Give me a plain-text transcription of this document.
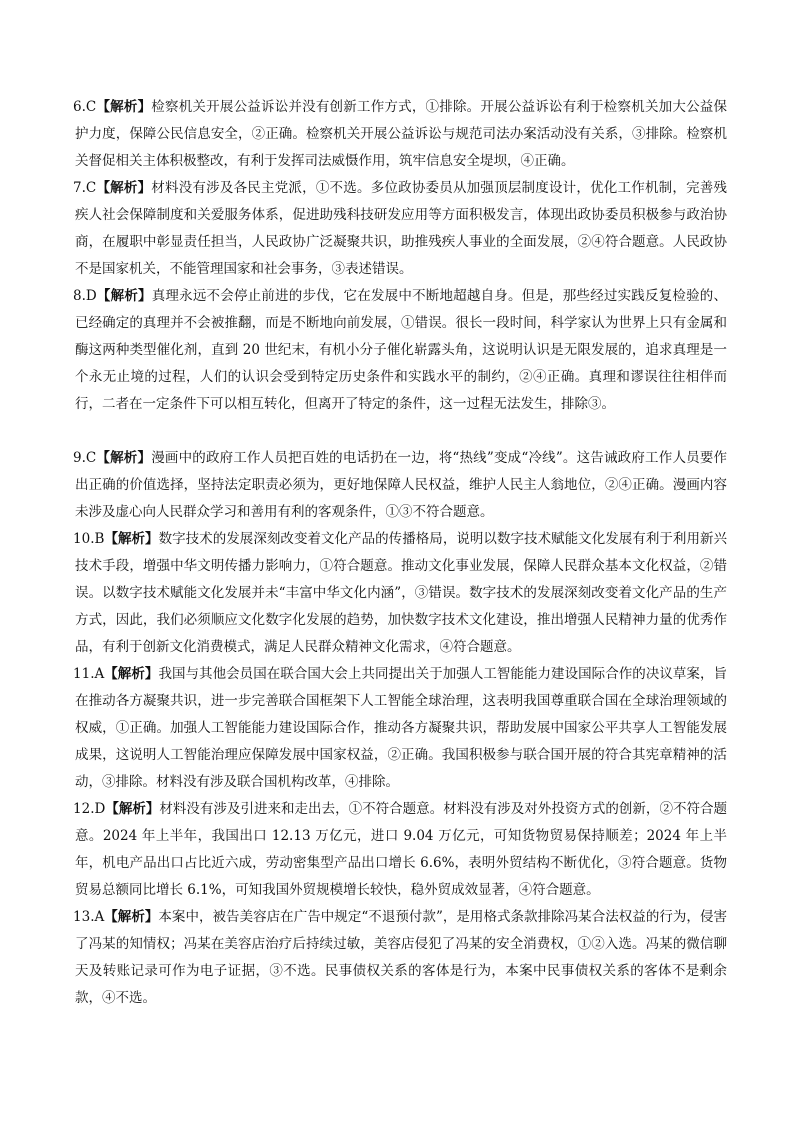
6.C【解析】检察机关开展公益诉讼并没有创新工作方式，①排除。开展公益诉讼有利于检察机关加大公益保护力度，保障公民信息安全，②正确。检察机关开展公益诉讼与规范司法办案活动没有关系，③排除。检察机关督促相关主体积极整改，有利于发挥司法威慑作用，筑牢信息安全堤坝，④正确。

7.C【解析】材料没有涉及各民主党派，①不选。多位政协委员从加强顶层制度设计，优化工作机制，完善残疾人社会保障制度和关爱服务体系，促进助残科技研发应用等方面积极发言，体现出政协委员积极参与政治协商，在履职中彰显责任担当，人民政协广泛凝聚共识，助推残疾人事业的全面发展，②④符合题意。人民政协不是国家机关，不能管理国家和社会事务，③表述错误。

8.D【解析】真理永远不会停止前进的步伐，它在发展中不断地超越自身。但是，那些经过实践反复检验的、已经确定的真理并不会被推翻，而是不断地向前发展，①错误。很长一段时间，科学家认为世界上只有金属和酶这两种类型催化剂，直到 20 世纪末，有机小分子催化崭露头角，这说明认识是无限发展的，追求真理是一个永无止境的过程，人们的认识会受到特定历史条件和实践水平的制约，②④正确。真理和谬误往往相伴而行，二者在一定条件下可以相互转化，但离开了特定的条件，这一过程无法发生，排除③。

9.C【解析】漫画中的政府工作人员把百姓的电话扔在一边，将“热线”变成“冷线”。这告诫政府工作人员要作出正确的价值选择，坚持法定职责必须为，更好地保障人民权益，维护人民主人翁地位，②④正确。漫画内容未涉及虚心向人民群众学习和善用有利的客观条件，①③不符合题意。

10.B【解析】数字技术的发展深刻改变着文化产品的传播格局，说明以数字技术赋能文化发展有利于利用新兴技术手段，增强中华文明传播力影响力，①符合题意。推动文化事业发展，保障人民群众基本文化权益，②错误。以数字技术赋能文化发展并未“丰富中华文化内涵”，③错误。数字技术的发展深刻改变着文化产品的生产方式，因此，我们必须顺应文化数字化发展的趋势，加快数字技术文化建设，推出增强人民精神力量的优秀作品，有利于创新文化消费模式，满足人民群众精神文化需求，④符合题意。

11.A【解析】我国与其他会员国在联合国大会上共同提出关于加强人工智能能力建设国际合作的决议草案，旨在推动各方凝聚共识，进一步完善联合国框架下人工智能全球治理，这表明我国尊重联合国在全球治理领域的权威，①正确。加强人工智能能力建设国际合作，推动各方凝聚共识，帮助发展中国家公平共享人工智能发展成果，这说明人工智能治理应保障发展中国家权益，②正确。我国积极参与联合国开展的符合其宪章精神的活动，③排除。材料没有涉及联合国机构改革，④排除。

12.D【解析】材料没有涉及引进来和走出去，①不符合题意。材料没有涉及对外投资方式的创新，②不符合题意。2024 年上半年，我国出口 12.13 万亿元，进口 9.04 万亿元，可知货物贸易保持顺差；2024 年上半年，机电产品出口占比近六成，劳动密集型产品出口增长 6.6%，表明外贸结构不断优化，③符合题意。货物贸易总额同比增长 6.1%，可知我国外贸规模增长较快，稳外贸成效显著，④符合题意。

13.A【解析】本案中，被告美容店在广告中规定“不退预付款”，是用格式条款排除冯某合法权益的行为，侵害了冯某的知情权；冯某在美容店治疗后持续过敏，美容店侵犯了冯某的安全消费权，①②入选。冯某的微信聊天及转账记录可作为电子证据，③不选。民事债权关系的客体是行为，本案中民事债权关系的客体不是剩余款，④不选。
